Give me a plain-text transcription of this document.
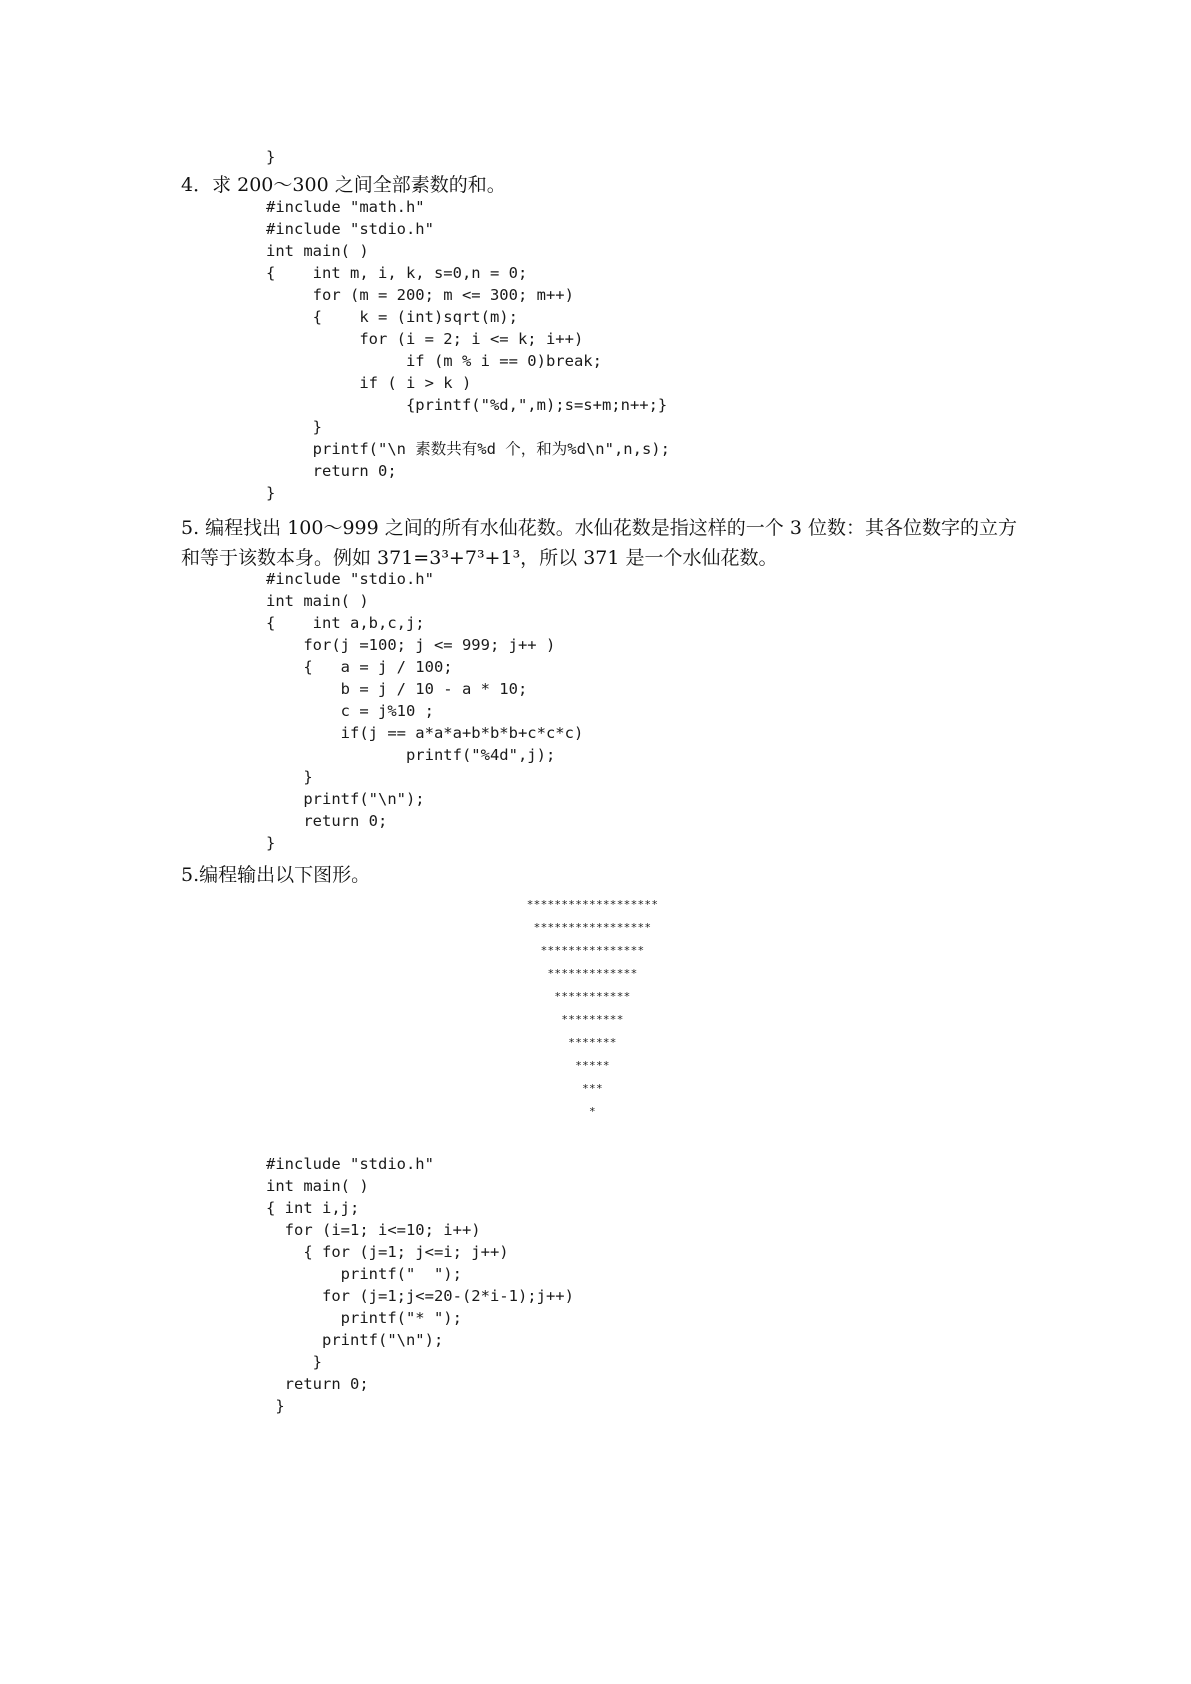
}
4．求 200～300 之间全部素数的和。
#include "math.h"
#include "stdio.h"
int main( )
{    int m, i, k, s=0,n = 0;
for (m = 200; m <= 300; m++)
{    k = (int)sqrt(m);
for (i = 2; i <= k; i++)
if (m % i == 0)break;
if ( i > k )
{printf("%d,",m);s=s+m;n++;}
}
printf("\n 素数共有%d 个，和为%d\n",n,s);
return 0;
}
5. 编程找出 100～999 之间的所有水仙花数。水仙花数是指这样的一个 3 位数：其各位数字的立方和等于该数本身。例如 371=3³+7³+1³，所以 371 是一个水仙花数。
#include "stdio.h"
int main( )
{    int a,b,c,j;
for(j =100; j <= 999; j++ )
{   a = j / 100;
b = j / 10 - a * 10;
c = j%10 ;
if(j == a*a*a+b*b*b+c*c*c)
printf("%4d",j);
}
printf("\n");
return 0;
}
5.编程输出以下图形。
*******************
*****************
***************
*************
***********
*********
*******
*****
***
*
#include "stdio.h"
int main( )
{ int i,j;
for (i=1; i<=10; i++)
{ for (j=1; j<=i; j++)
printf("  ");
for (j=1;j<=20-(2*i-1);j++)
printf("* ");
printf("\n");
}
return 0;
}
